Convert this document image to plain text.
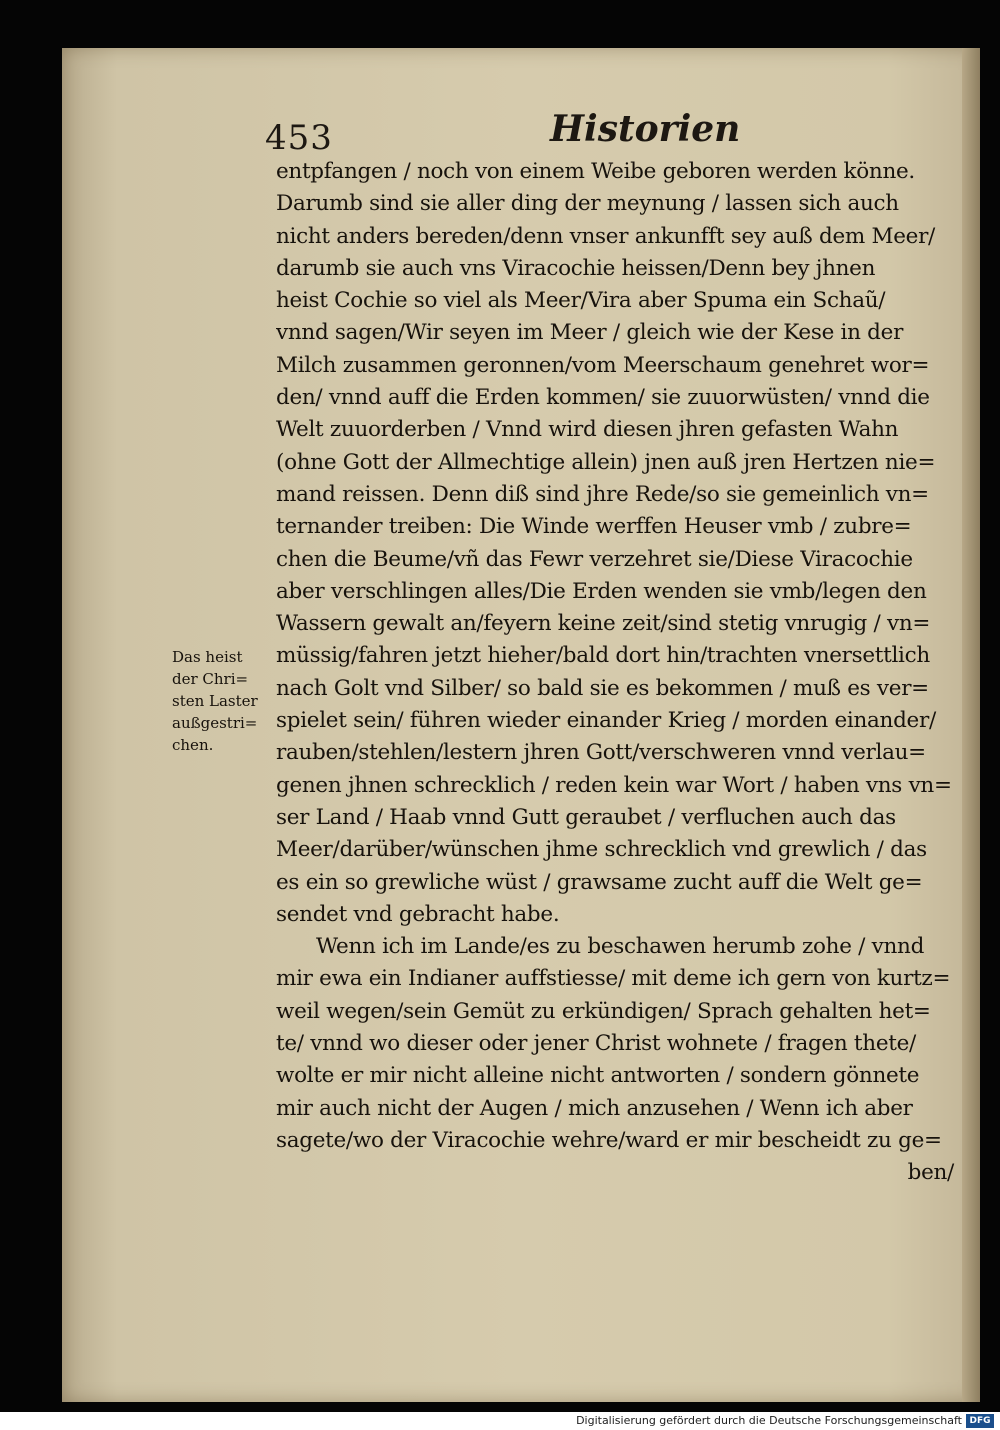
453	Historien
Das heist
der Chri=
sten Laster
außgestri=
chen.
entpfangen / noch von einem Weibe geboren werden könne.
Darumb sind sie aller ding der meynung / lassen sich auch
nicht anders bereden/denn vnser ankunfft sey auß dem Meer/
darumb sie auch vns Viracochie heissen/Denn bey jhnen
heist Cochie so viel als Meer/Vira aber Spuma ein Schaũ/
vnnd sagen/Wir seyen im Meer / gleich wie der Kese in der
Milch zusammen geronnen/vom Meerschaum genehret wor=
den/ vnnd auff die Erden kommen/ sie zuuorwüsten/ vnnd die
Welt zuuorderben / Vnnd wird diesen jhren gefasten Wahn
(ohne Gott der Allmechtige allein) jnen auß jren Hertzen nie=
mand reissen. Denn diß sind jhre Rede/so sie gemeinlich vn=
ternander treiben: Die Winde werffen Heuser vmb / zubre=
chen die Beume/vñ das Fewr verzehret sie/Diese Viracochie
aber verschlingen alles/Die Erden wenden sie vmb/legen den
Wassern gewalt an/feyern keine zeit/sind stetig vnrugig / vn=
müssig/fahren jetzt hieher/bald dort hin/trachten vnersettlich
nach Golt vnd Silber/ so bald sie es bekommen / muß es ver=
spielet sein/ führen wieder einander Krieg / morden einander/
rauben/stehlen/lestern jhren Gott/verschweren vnnd verlau=
genen jhnen schrecklich / reden kein war Wort / haben vns vn=
ser Land / Haab vnnd Gutt geraubet / verfluchen auch das
Meer/darüber/wünschen jhme schrecklich vnd grewlich / das
es ein so grewliche wüst / grawsame zucht auff die Welt ge=
sendet vnd gebracht habe.
Wenn ich im Lande/es zu beschawen herumb zohe / vnnd
mir ewa ein Indianer auffstiesse/ mit deme ich gern von kurtz=
weil wegen/sein Gemüt zu erkündigen/ Sprach gehalten het=
te/ vnnd wo dieser oder jener Christ wohnete / fragen thete/
wolte er mir nicht alleine nicht antworten / sondern gönnete
mir auch nicht der Augen / mich anzusehen / Wenn ich aber
sagete/wo der Viracochie wehre/ward er mir bescheidt zu ge=
ben/
Digitalisierung gefördert durch die Deutsche Forschungsgemeinschaft DFG
